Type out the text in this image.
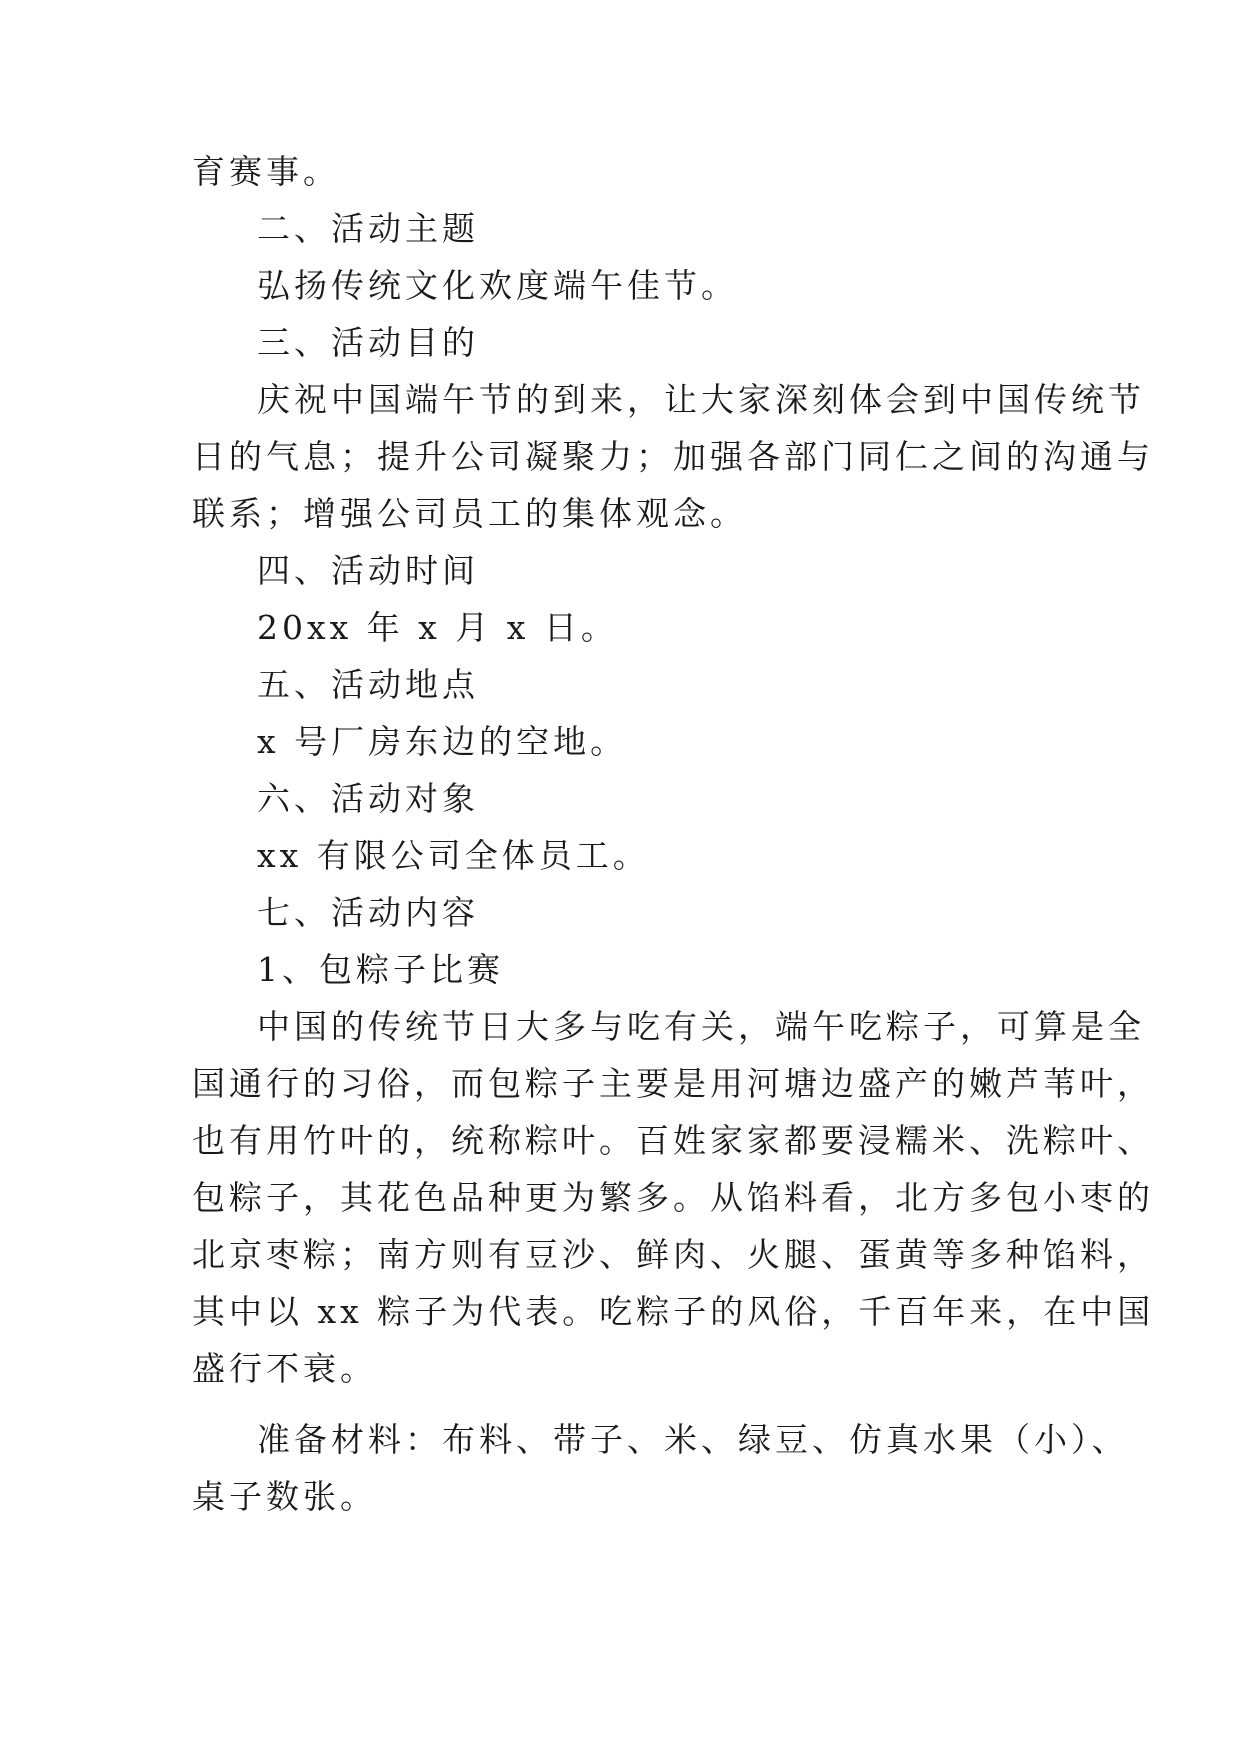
育赛事。
二、活动主题
弘扬传统文化欢度端午佳节。
三、活动目的
庆祝中国端午节的到来，让大家深刻体会到中国传统节
日的气息；提升公司凝聚力；加强各部门同仁之间的沟通与
联系；增强公司员工的集体观念。
四、活动时间
20xx 年 x 月 x 日。
五、活动地点
x 号厂房东边的空地。
六、活动对象
xx 有限公司全体员工。
七、活动内容
1、包粽子比赛
中国的传统节日大多与吃有关，端午吃粽子，可算是全
国通行的习俗，而包粽子主要是用河塘边盛产的嫩芦苇叶，
也有用竹叶的，统称粽叶。百姓家家都要浸糯米、洗粽叶、
包粽子，其花色品种更为繁多。从馅料看，北方多包小枣的
北京枣粽；南方则有豆沙、鲜肉、火腿、蛋黄等多种馅料，
其中以 xx 粽子为代表。吃粽子的风俗，千百年来，在中国
盛行不衰。
准备材料：布料、带子、米、绿豆、仿真水果（小）、
桌子数张。
